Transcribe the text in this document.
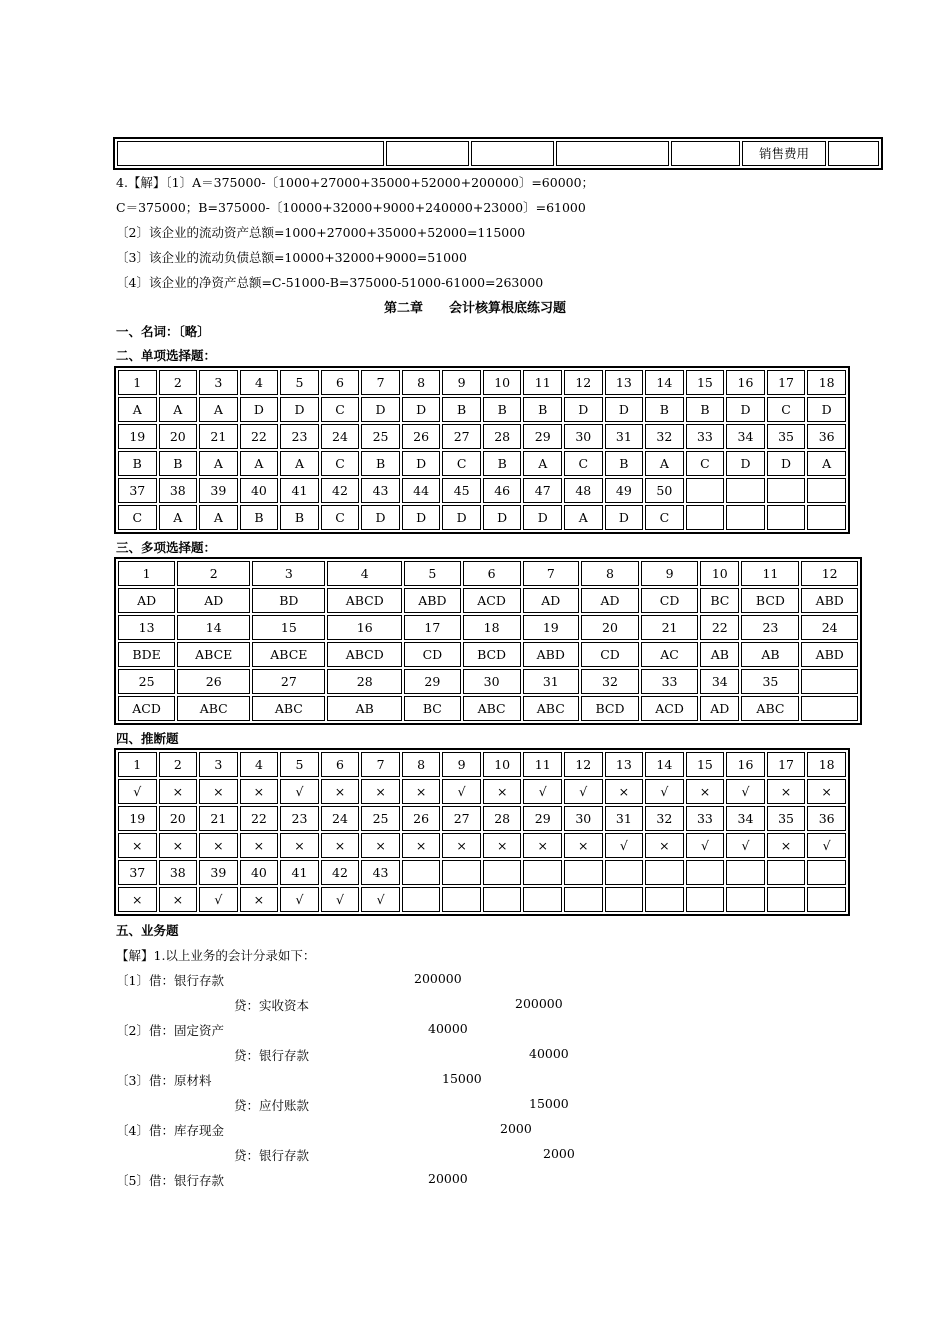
					销售费用	
4.【解】〔1〕A＝375000-〔1000+27000+35000+52000+200000〕=60000；
C＝375000；B=375000-〔10000+32000+9000+240000+23000〕=61000
〔2〕该企业的流动资产总额=1000+27000+35000+52000=115000
〔3〕该企业的流动负债总额=10000+32000+9000=51000
〔4〕该企业的净资产总额=C-51000-B=375000-51000-61000=263000
第二章　　会计核算根底练习题
一、名词：〔略〕
二、单项选择题：
1	2	3	4	5	6	7	8	9	10	11	12	13	14	15	16	17	18
A	A	A	D	D	C	D	D	B	B	B	D	D	B	B	D	C	D
19	20	21	22	23	24	25	26	27	28	29	30	31	32	33	34	35	36
B	B	A	A	A	C	B	D	C	B	A	C	B	A	C	D	D	A
37	38	39	40	41	42	43	44	45	46	47	48	49	50				
C	A	A	B	B	C	D	D	D	D	D	A	D	C				
三、多项选择题：
1	2	3	4	5	6	7	8	9	10	11	12
AD	AD	BD	ABCD	ABD	ACD	AD	AD	CD	BC	BCD	ABD
13	14	15	16	17	18	19	20	21	22	23	24
BDE	ABCE	ABCE	ABCD	CD	BCD	ABD	CD	AC	AB	AB	ABD
25	26	27	28	29	30	31	32	33	34	35	
ACD	ABC	ABC	AB	BC	ABC	ABC	BCD	ACD	AD	ABC	
四、推断题
1	2	3	4	5	6	7	8	9	10	11	12	13	14	15	16	17	18
√	×	×	×	√	×	×	×	√	×	√	√	×	√	×	√	×	×
19	20	21	22	23	24	25	26	27	28	29	30	31	32	33	34	35	36
×	×	×	×	×	×	×	×	×	×	×	×	√	×	√	√	×	√
37	38	39	40	41	42	43											
×	×	√	×	√	√	√											
五、业务题
【解】1.以上业务的会计分录如下：
〔1〕借：银行存款	200000
贷：实收资本	200000
〔2〕借：固定资产	40000
贷：银行存款	40000
〔3〕借：原材料	15000
贷：应付账款	15000
〔4〕借：库存现金	2000
贷：银行存款	2000
〔5〕借：银行存款	20000
